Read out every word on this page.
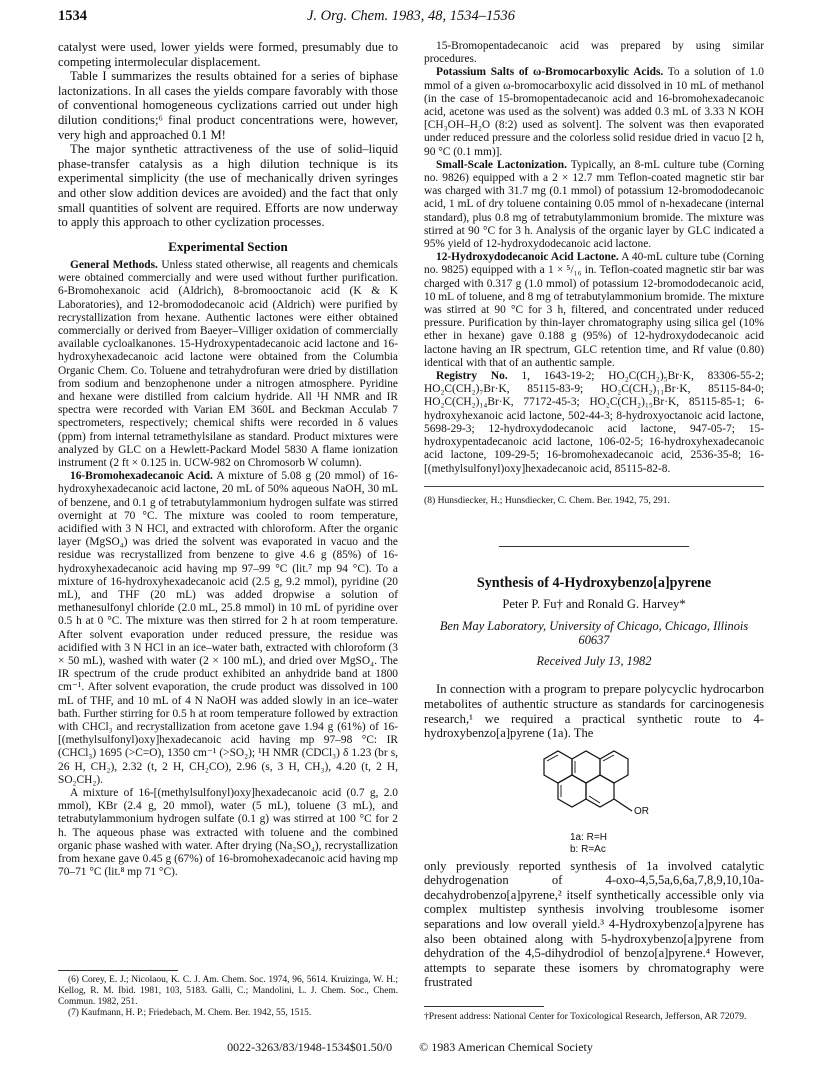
1534	J. Org. Chem. 1983, 48, 1534–1536

catalyst were used, lower yields were formed, presumably due to competing intermolecular displacement.

Table I summarizes the results obtained for a series of biphase lactonizations. In all cases the yields compare favorably with those of conventional homogeneous cyclizations carried out under high dilution conditions;⁶ final product concentrations were, however, very high and approached 0.1 M!

The major synthetic attractiveness of the use of solid–liquid phase-transfer catalysis as a high dilution technique is its experimental simplicity (the use of mechanically driven syringes and other slow addition devices are avoided) and the fact that only small quantities of solvent are required. Efforts are now underway to apply this approach to other cyclization processes.

Experimental Section

General Methods. Unless stated otherwise, all reagents and chemicals were obtained commercially and were used without further purification. 6-Bromohexanoic acid (Aldrich), 8-bromooctanoic acid (K & K Laboratories), and 12-bromododecanoic acid (Aldrich) were purified by recrystallization from hexane. Authentic lactones were either obtained commercially or derived from Baeyer–Villiger oxidation of commercially available cycloalkanones. 15-Hydroxypentadecanoic acid lactone and 16-hydroxyhexadecanoic acid lactone were obtained from the Columbia Organic Chem. Co. Toluene and tetrahydrofuran were dried by distillation from sodium and benzophenone under a nitrogen atmosphere. Pyridine and hexane were distilled from calcium hydride. All ¹H NMR and IR spectra were recorded with Varian EM 360L and Beckman Acculab 7 spectrometers, respectively; chemical shifts were recorded in δ values (ppm) from internal tetramethylsilane as standard. Product mixtures were analyzed by GLC on a Hewlett-Packard Model 5830 A flame ionization instrument (2 ft × 0.125 in. UCW-982 on Chromosorb W column).

16-Bromohexadecanoic Acid. A mixture of 5.08 g (20 mmol) of 16-hydroxyhexadecanoic acid lactone, 20 mL of 50% aqueous NaOH, 30 mL of benzene, and 0.1 g of tetrabutylammonium hydrogen sulfate was stirred overnight at 70 °C. The mixture was cooled to room temperature, acidified with 3 N HCl, and extracted with chloroform. After the organic layer (MgSO₄) was dried the solvent was evaporated in vacuo and the residue was recrystallized from benzene to give 4.6 g (85%) of 16-hydroxyhexadecanoic acid having mp 97–99 °C (lit.⁷ mp 94 °C). To a mixture of 16-hydroxyhexadecanoic acid (2.5 g, 9.2 mmol), pyridine (20 mL), and THF (20 mL) was added dropwise a solution of methanesulfonyl chloride (2.0 mL, 25.8 mmol) in 10 mL of pyridine over 0.5 h at 0 °C. The mixture was then stirred for 2 h at room temperature. After solvent evaporation under reduced pressure, the residue was acidified with 3 N HCl in an ice–water bath, extracted with chloroform (3 × 50 mL), washed with water (2 × 100 mL), and dried over MgSO₄. The IR spectrum of the crude product exhibited an anhydride band at 1800 cm⁻¹. After solvent evaporation, the crude product was dissolved in 100 mL of THF, and 10 mL of 4 N NaOH was added slowly in an ice–water bath. Further stirring for 0.5 h at room temperature followed by extraction with CHCl₃ and recrystallization from acetone gave 1.94 g (61%) of 16-[(methylsulfonyl)oxy]hexadecanoic acid having mp 97–98 °C: IR (CHCl₃) 1695 (>C=O), 1350 cm⁻¹ (>SO₂); ¹H NMR (CDCl₃) δ 1.23 (br s, 26 H, CH₂), 2.32 (t, 2 H, CH₂CO), 2.96 (s, 3 H, CH₃), 4.20 (t, 2 H, SO₂CH₂).

A mixture of 16-[(methylsulfonyl)oxy]hexadecanoic acid (0.7 g, 2.0 mmol), KBr (2.4 g, 20 mmol), water (5 mL), toluene (3 mL), and tetrabutylammonium hydrogen sulfate (0.1 g) was stirred at 100 °C for 2 h. The aqueous phase was extracted with toluene and the combined organic phase washed with water. After drying (Na₂SO₄), recrystallization from hexane gave 0.45 g (67%) of 16-bromohexadecanoic acid having mp 70–71 °C (lit.⁸ mp 71 °C).

(6) Corey, E. J.; Nicolaou, K. C. J. Am. Chem. Soc. 1974, 96, 5614. Kruizinga, W. H.; Kellog, R. M. Ibid. 1981, 103, 5183. Galli, C.; Mandolini, L. J. Chem. Soc., Chem. Commun. 1982, 251.

(7) Kaufmann, H. P.; Friedebach, M. Chem. Ber. 1942, 55, 1515.

15-Bromopentadecanoic acid was prepared by using similar procedures.

Potassium Salts of ω-Bromocarboxylic Acids. To a solution of 1.0 mmol of a given ω-bromocarboxylic acid dissolved in 10 mL of methanol (in the case of 15-bromopentadecanoic acid and 16-bromohexadecanoic acid, acetone was used as the solvent) was added 0.3 mL of 3.33 N KOH [CH₃OH–H₂O (8:2) used as solvent]. The solvent was then evaporated under reduced pressure and the colorless solid residue dried in vacuo [2 h, 90 °C (0.1 mm)].

Small-Scale Lactonization. Typically, an 8-mL culture tube (Corning no. 9826) equipped with a 2 × 12.7 mm Teflon-coated magnetic stir bar was charged with 31.7 mg (0.1 mmol) of potassium 12-bromododecanoic acid, 1 mL of dry toluene containing 0.05 mmol of n-hexadecane (internal standard), plus 0.8 mg of tetrabutylammonium bromide. The mixture was stirred at 90 °C for 3 h. Analysis of the organic layer by GLC indicated a 95% yield of 12-hydroxydodecanoic acid lactone.

12-Hydroxydodecanoic Acid Lactone. A 40-mL culture tube (Corning no. 9825) equipped with a 1 × ⁵/₁₆ in. Teflon-coated magnetic stir bar was charged with 0.317 g (1.0 mmol) of potassium 12-bromododecanoic acid, 10 mL of toluene, and 8 mg of tetrabutylammonium bromide. The mixture was stirred at 90 °C for 3 h, filtered, and concentrated under reduced pressure. Purification by thin-layer chromatography using silica gel (10% ether in hexane) gave 0.188 g (95%) of 12-hydroxydodecanoic acid lactone having an IR spectrum, GLC retention time, and Rf value (0.80) identical with that of an authentic sample.

Registry No. 1, 1643-19-2; HO₂C(CH₂)₅Br·K, 83306-55-2; HO₂C(CH₂)₇Br·K, 85115-83-9; HO₂C(CH₂)₁₁Br·K, 85115-84-0; HO₂C(CH₂)₁₄Br·K, 77172-45-3; HO₂C(CH₂)₁₅Br·K, 85115-85-1; 6-hydroxyhexanoic acid lactone, 502-44-3; 8-hydroxyoctanoic acid lactone, 5698-29-3; 12-hydroxydodecanoic acid lactone, 947-05-7; 15-hydroxypentadecanoic acid lactone, 106-02-5; 16-hydroxyhexadecanoic acid lactone, 109-29-5; 16-bromohexadecanoic acid, 2536-35-8; 16-[(methylsulfonyl)oxy]hexadecanoic acid, 85115-82-8.

(8) Hunsdiecker, H.; Hunsdiecker, C. Chem. Ber. 1942, 75, 291.
Synthesis of 4-Hydroxybenzo[a]pyrene
Peter P. Fu† and Ronald G. Harvey*
Ben May Laboratory, University of Chicago, Chicago, Illinois 60637
Received July 13, 1982

In connection with a program to prepare polycyclic hydrocarbon metabolites of authentic structure as standards for carcinogenesis research,¹ we required a practical synthetic route to 4-hydroxybenzo[a]pyrene (1a). The

OR
1a: R=H
b: R=Ac

only previously reported synthesis of 1a involved catalytic dehydrogenation of 4-oxo-4,5,5a,6,6a,7,8,9,10,10a-decahydrobenzo[a]pyrene,² itself synthetically accessible only via complex multistep synthesis involving troublesome isomer separations and low overall yield.³ 4-Hydroxybenzo[a]pyrene has also been obtained along with 5-hydroxybenzo[a]pyrene from dehydration of the 4,5-dihydrodiol of benzo[a]pyrene.⁴ However, attempts to separate these isomers by chromatography were frustrated

†Present address: National Center for Toxicological Research, Jefferson, AR 72079.
0022-3263/83/1948-1534$01.50/0 © 1983 American Chemical Society
